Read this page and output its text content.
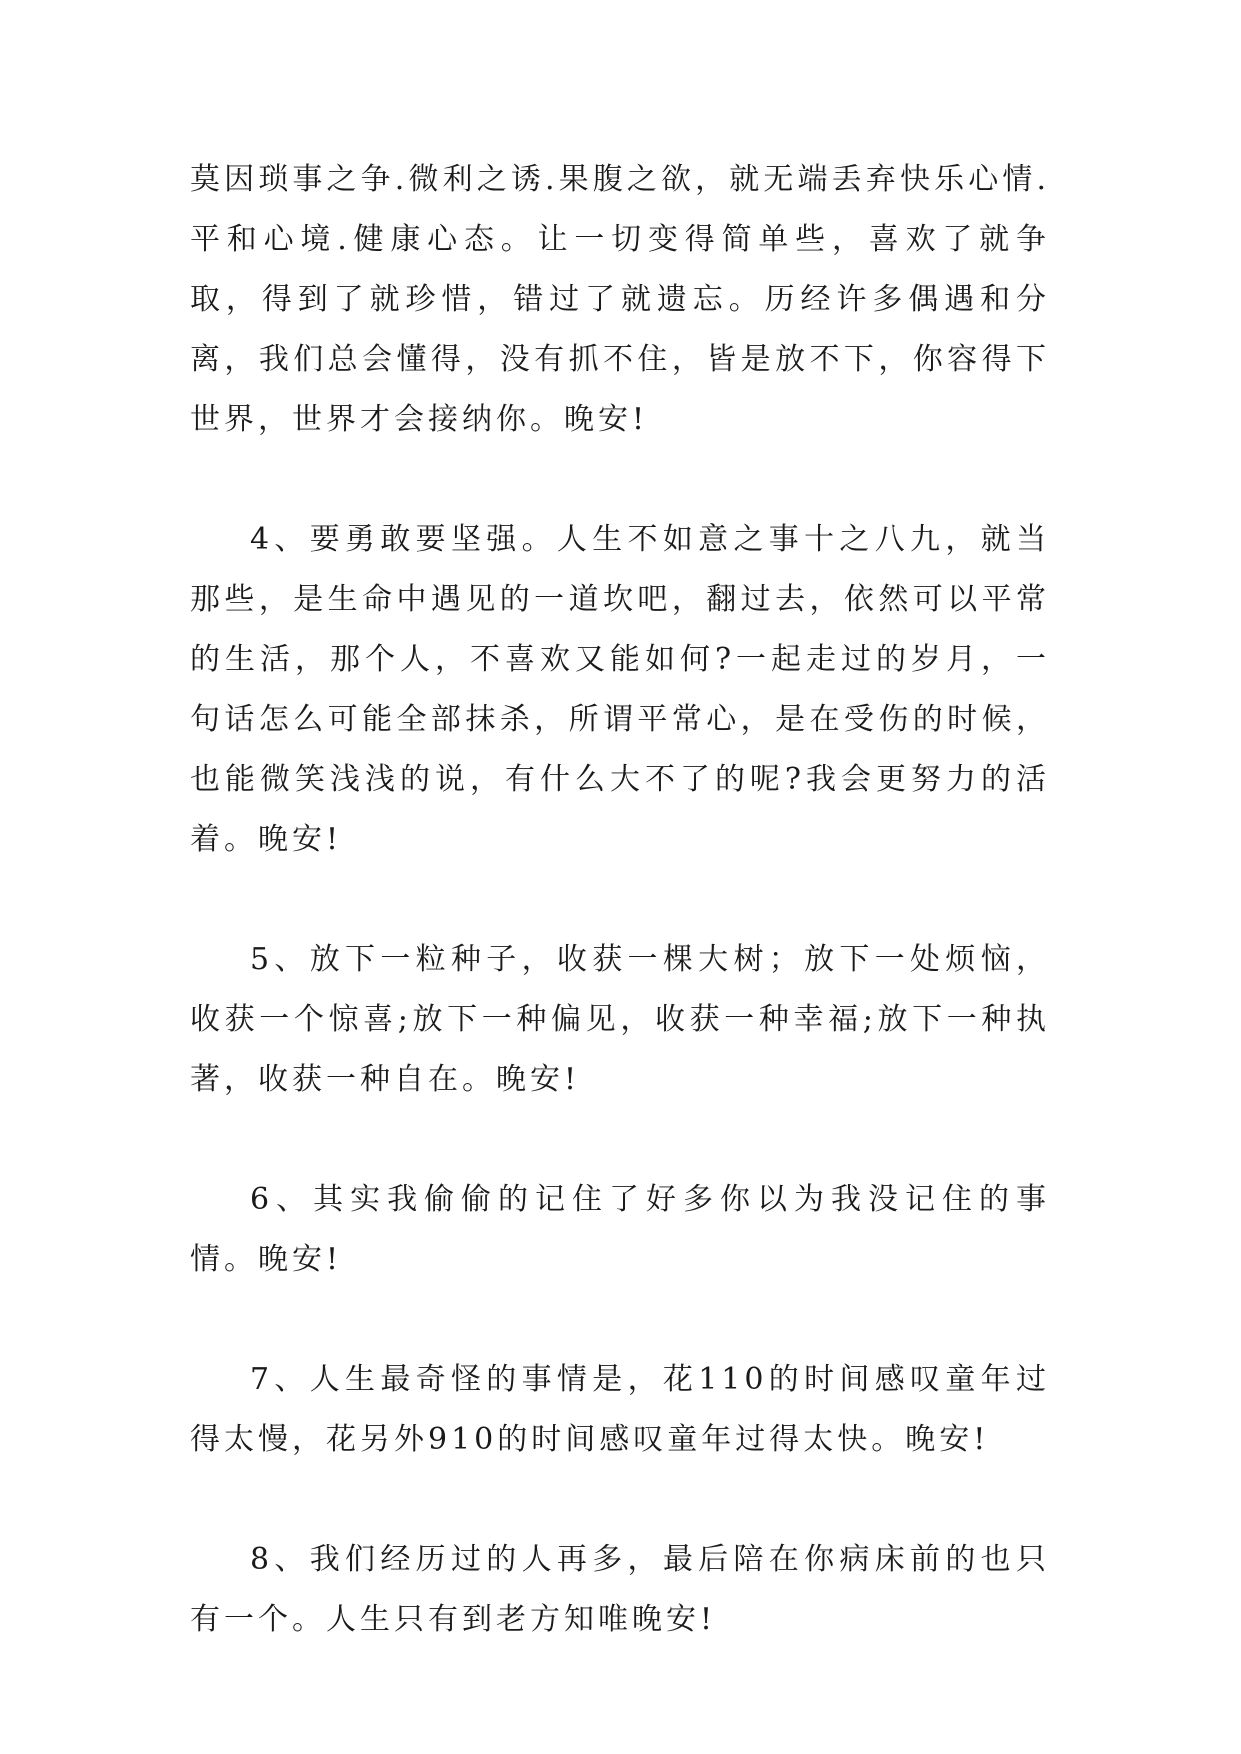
莫因琐事之争.微利之诱.果腹之欲，就无端丢弃快乐心情.平和心境.健康心态。让一切变得简单些，喜欢了就争取，得到了就珍惜，错过了就遗忘。历经许多偶遇和分离，我们总会懂得，没有抓不住，皆是放不下，你容得下世界，世界才会接纳你。晚安!

4、要勇敢要坚强。人生不如意之事十之八九，就当那些，是生命中遇见的一道坎吧，翻过去，依然可以平常的生活，那个人，不喜欢又能如何?一起走过的岁月，一句话怎么可能全部抹杀，所谓平常心，是在受伤的时候，也能微笑浅浅的说，有什么大不了的呢?我会更努力的活着。晚安!

5、放下一粒种子，收获一棵大树；放下一处烦恼，收获一个惊喜;放下一种偏见，收获一种幸福;放下一种执著，收获一种自在。晚安!

6、其实我偷偷的记住了好多你以为我没记住的事情。晚安!

7、人生最奇怪的事情是，花110的时间感叹童年过得太慢，花另外910的时间感叹童年过得太快。晚安!

8、我们经历过的人再多，最后陪在你病床前的也只有一个。人生只有到老方知唯晚安!
